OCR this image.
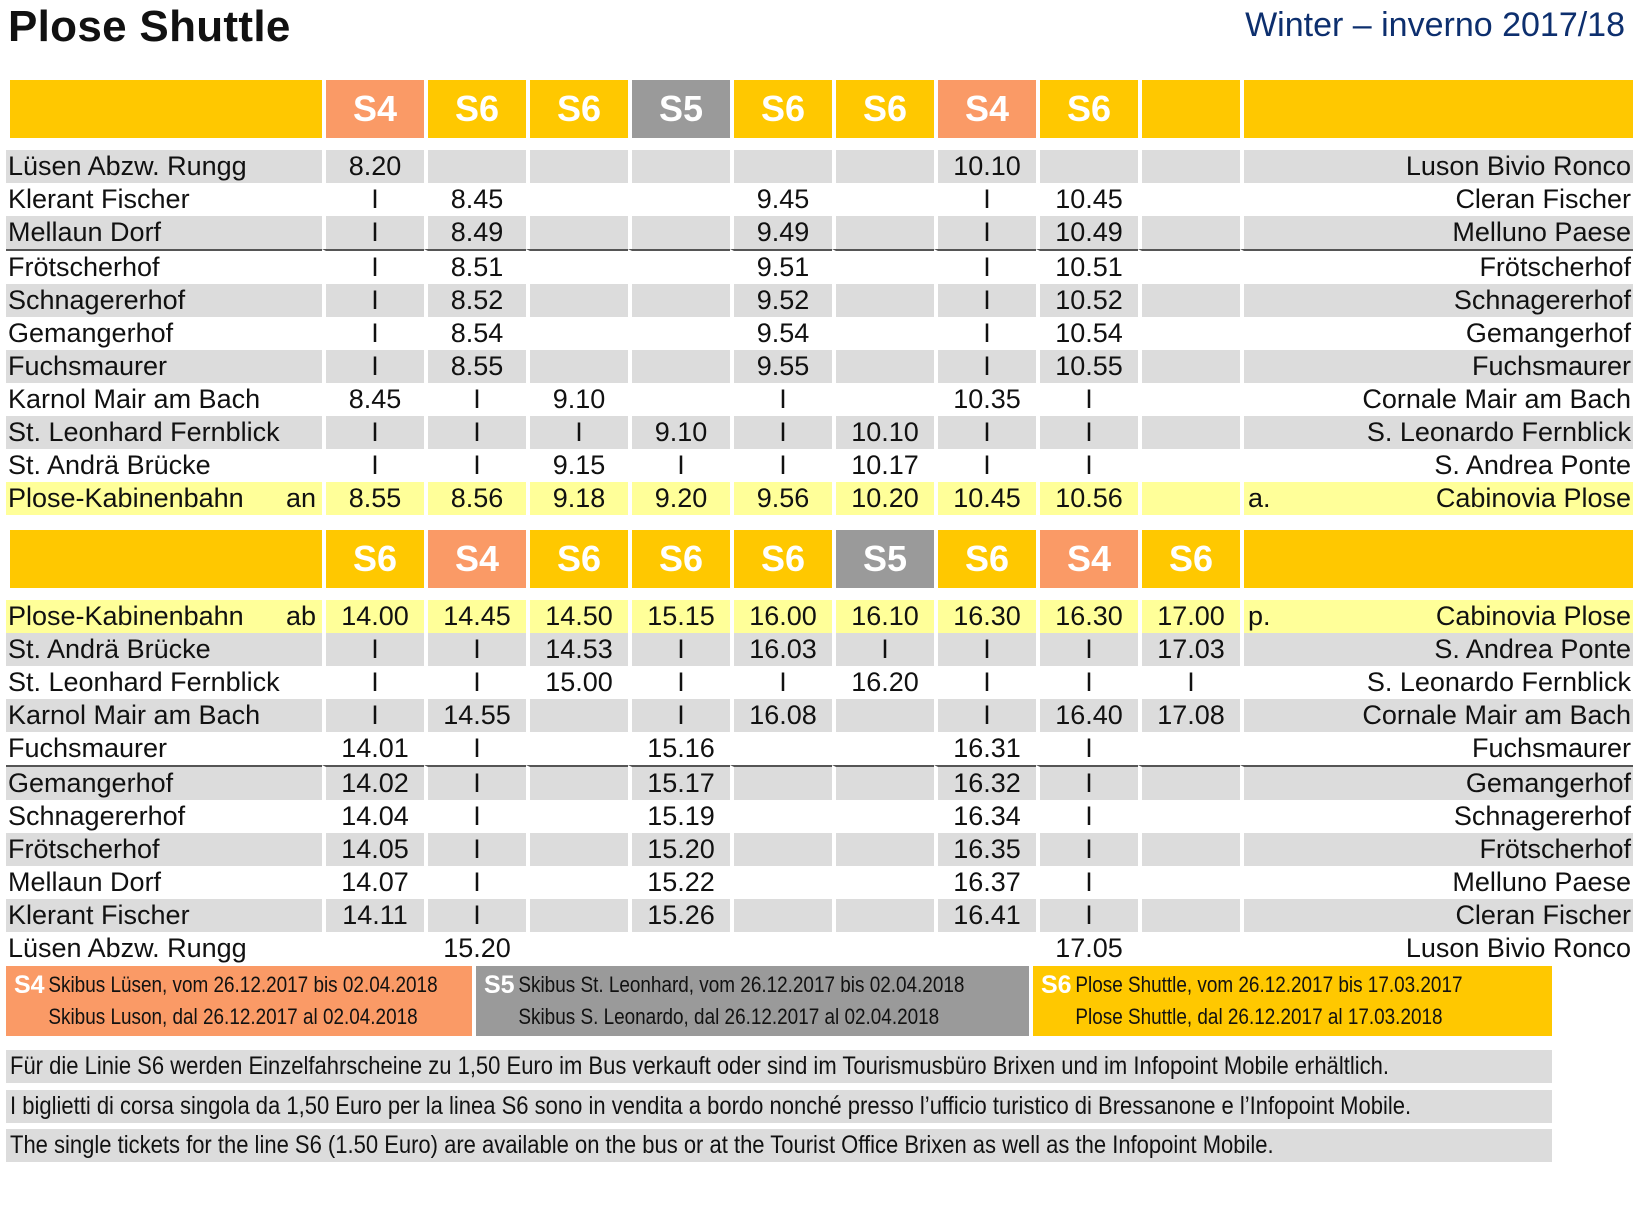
Plose Shuttle	Winter – inverno 2017/18
	S4	S6	S6	S5	S6	S6	S4	S6		

Lüsen Abzw. Rungg	8.20						10.10			Luson Bivio Ronco
Klerant Fischer	I	8.45			9.45		I	10.45		Cleran Fischer
Mellaun Dorf	I	8.49			9.49		I	10.49		Melluno Paese
Frötscherhof	I	8.51			9.51		I	10.51		Frötscherhof
Schnagererhof	I	8.52			9.52		I	10.52		Schnagererhof
Gemangerhof	I	8.54			9.54		I	10.54		Gemangerhof
Fuchsmaurer	I	8.55			9.55		I	10.55		Fuchsmaurer
Karnol Mair am Bach	8.45	I	9.10		I		10.35	I		Cornale Mair am Bach
St. Leonhard Fernblick	I	I	I	9.10	I	10.10	I	I		S. Leonardo Fernblick
St. Andrä Brücke	I	I	9.15	I	I	10.17	I	I		S. Andrea Ponte
Plose-Kabinenbahn an	8.55	8.56	9.18	9.20	9.56	10.20	10.45	10.56		a. Cabinovia Plose
	S6	S4	S6	S6	S6	S5	S6	S4	S6	

Plose-Kabinenbahn ab	14.00	14.45	14.50	15.15	16.00	16.10	16.30	16.30	17.00	p. Cabinovia Plose
St. Andrä Brücke	I	I	14.53	I	16.03	I	I	I	17.03	S. Andrea Ponte
St. Leonhard Fernblick	I	I	15.00	I	I	16.20	I	I	I	S. Leonardo Fernblick
Karnol Mair am Bach	I	14.55		I	16.08		I	16.40	17.08	Cornale Mair am Bach
Fuchsmaurer	14.01	I		15.16			16.31	I		Fuchsmaurer
Gemangerhof	14.02	I		15.17			16.32	I		Gemangerhof
Schnagererhof	14.04	I		15.19			16.34	I		Schnagererhof
Frötscherhof	14.05	I		15.20			16.35	I		Frötscherhof
Mellaun Dorf	14.07	I		15.22			16.37	I		Melluno Paese
Klerant Fischer	14.11	I		15.26			16.41	I		Cleran Fischer
Lüsen Abzw. Rungg		15.20						17.05		Luson Bivio Ronco
S4 Skibus Lüsen, vom 26.12.2017 bis 02.04.2018
Skibus Luson, dal 26.12.2017 al 02.04.2018
S5 Skibus St. Leonhard, vom 26.12.2017 bis 02.04.2018
Skibus S. Leonardo, dal 26.12.2017 al 02.04.2018
S6 Plose Shuttle, vom 26.12.2017 bis 17.03.2017
Plose Shuttle, dal 26.12.2017 al 17.03.2018
Für die Linie S6 werden Einzelfahrscheine zu 1,50 Euro im Bus verkauft oder sind im Tourismusbüro Brixen und im Infopoint Mobile erhältlich.
I biglietti di corsa singola da 1,50 Euro per la linea S6 sono in vendita a bordo nonché presso l’ufficio turistico di Bressanone e l’Infopoint Mobile.
The single tickets for the line S6 (1.50 Euro) are available on the bus or at the Tourist Office Brixen as well as the Infopoint Mobile.
